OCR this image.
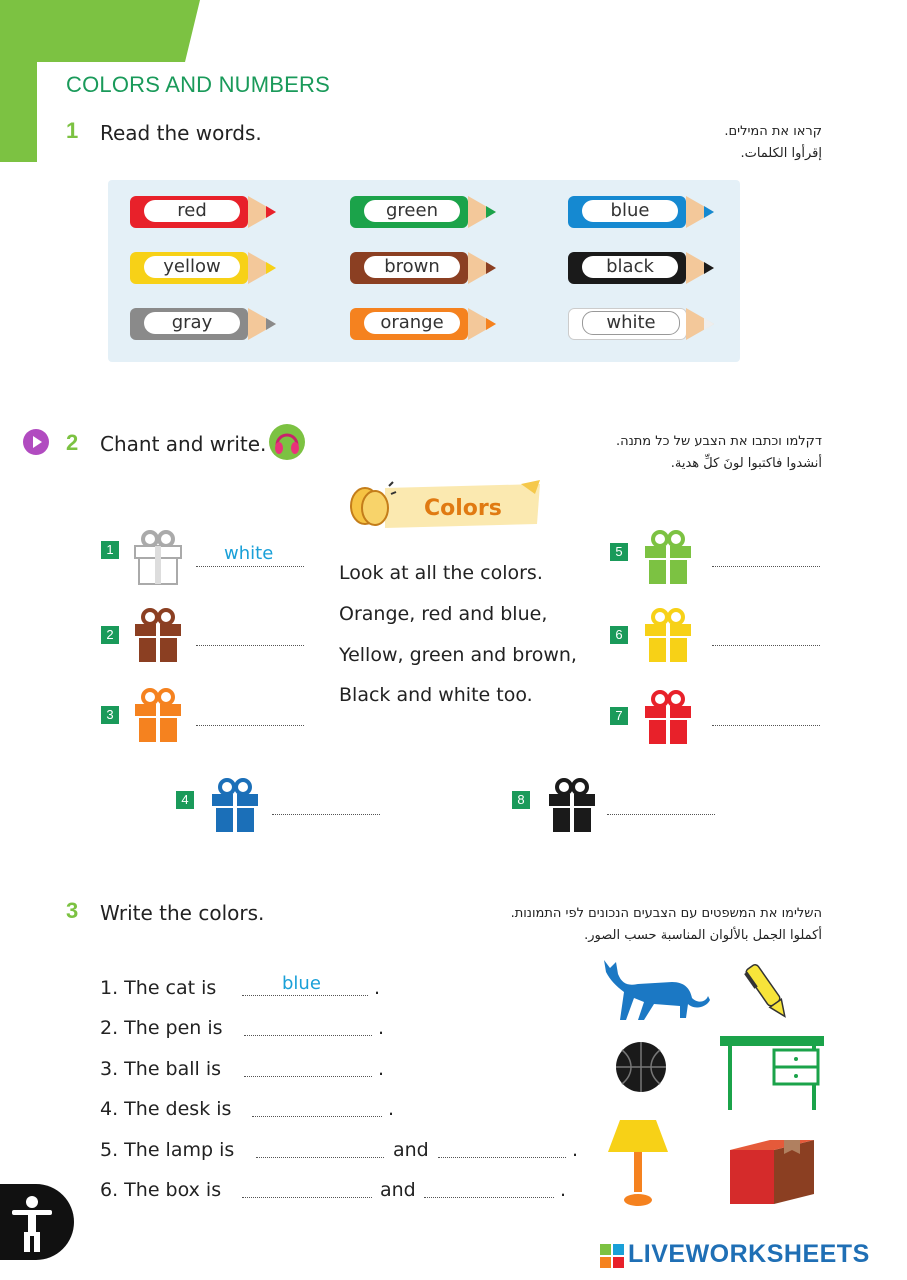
COLORS AND NUMBERS
1 Read the words.	קראו את המילים.
إقرأوا الكلمات.
red	green	blue
yellow	brown	black
gray	orange	white
2 Chant and write.	דקלמו וכתבו את הצבע של כל מתנה.
أنشدوا فاكتبوا لونَ كلِّ هدية.
Colors
Look at all the colors.
Orange, red and blue,
Yellow, green and brown,
Black and white too.
1	white
2
3
4
5
6
7
8
3 Write the colors.	השלימו את המשפטים עם הצבעים הנכונים לפי התמונות.
أكملوا الجمل بالألوان المناسبة حسب الصور.
1. The cat is	blue	.
2. The pen is	.
3. The ball is	.
4. The desk is	.
5. The lamp is	and	.
6. The box is	and	.
LIVEWORKSHEETS
